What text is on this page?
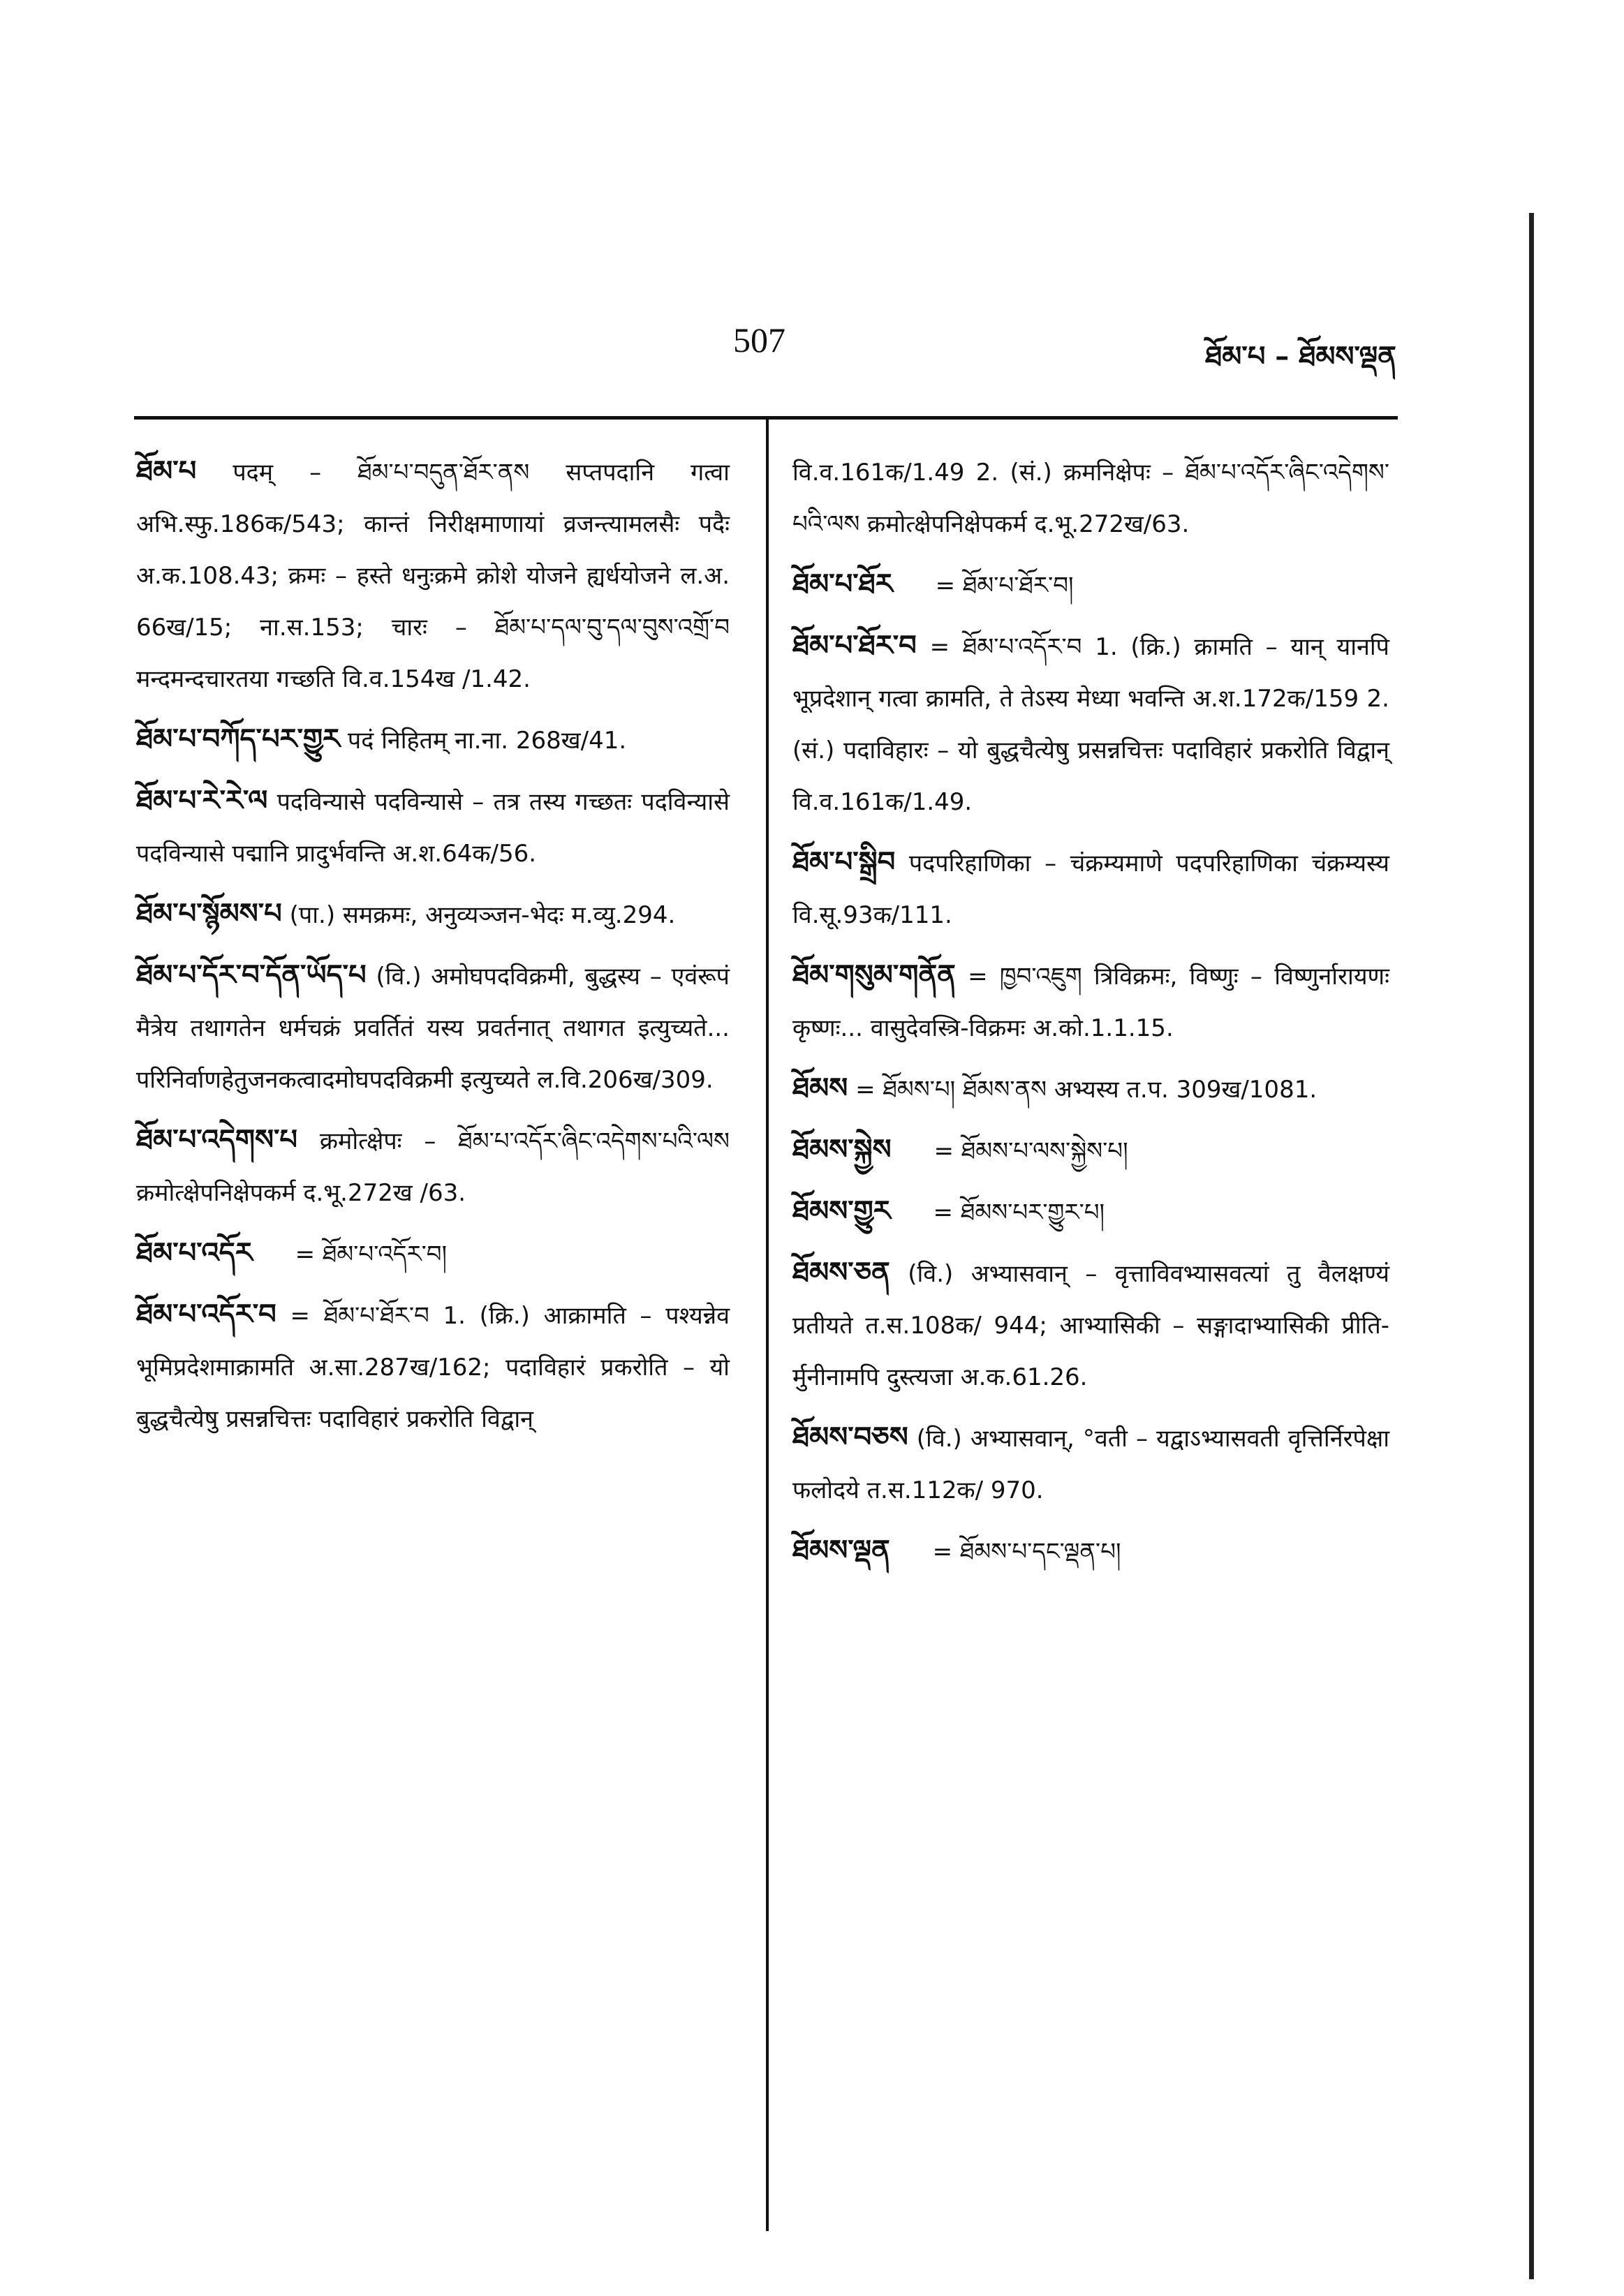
507	ཐོམ་པ – ཐོམས་ལྡན
ཐོམ་པ पदम् – ཐོམ་པ་བདུན་ཐོར་ནས सप्तपदानि गत्वा अभि.स्फु.186क/543; कान्तं निरीक्षमाणायां व्रजन्त्यामलसैः पदैः अ.क.108.43; क्रमः – हस्ते धनुःक्रमे क्रोशे योजने ह्यर्धयोजने ल.अ. 66ख/15; ना.स.153; चारः – ཐོམ་པ་དལ་བུ་དལ་བུས་འགྲོ་བ मन्दमन्दचारतया गच्छति वि.व.154ख /1.42.
ཐོམ་པ་བཀོད་པར་གྱུར पदं निहितम् ना.ना. 268ख/41.
ཐོམ་པ་རེ་རེ་ལ पदविन्यासे पदविन्यासे – तत्र तस्य गच्छतः पदविन्यासे पदविन्यासे पद्मानि प्रादुर्भवन्ति अ.श.64क/56.
ཐོམ་པ་སྙོམས་པ (पा.) समक्रमः, अनुव्यञ्जन-भेदः म.व्यु.294.
ཐོམ་པ་དོར་བ་དོན་ཡོད་པ (वि.) अमोघपदविक्रमी, बुद्धस्य – एवंरूपं मैत्रेय तथागतेन धर्मचक्रं प्रवर्तितं यस्य प्रवर्तनात् तथागत इत्युच्यते... परिनिर्वाणहेतुजनकत्वादमोघपदविक्रमी इत्युच्यते ल.वि.206ख/309.
ཐོམ་པ་འདེགས་པ क्रमोत्क्षेपः – ཐོམ་པ་འདོར་ཞིང་འདེགས་པའི་ལས क्रमोत्क्षेपनिक्षेपकर्म द.भू.272ख /63.
ཐོམ་པ་འདོར = ཐོམ་པ་འདོར་བ།
ཐོམ་པ་འདོར་བ = ཐོམ་པ་ཐོར་བ 1. (क्रि.) आक्रामति – पश्यन्नेव भूमिप्रदेशमाक्रामति अ.सा.287ख/162; पदाविहारं प्रकरोति – यो बुद्धचैत्येषु प्रसन्नचित्तः पदाविहारं प्रकरोति विद्वान्
वि.व.161क/1.49 2. (सं.) क्रमनिक्षेपः – ཐོམ་པ་འདོར་ཞིང་འདེགས་པའི་ལས क्रमोत्क्षेपनिक्षेपकर्म द.भू.272ख/63.
ཐོམ་པ་ཐོར = ཐོམ་པ་ཐོར་བ།
ཐོམ་པ་ཐོར་བ = ཐོམ་པ་འདོར་བ 1. (क्रि.) क्रामति – यान् यानपि भूप्रदेशान् गत्वा क्रामति, ते तेऽस्य मेध्या भवन्ति अ.श.172क/159 2. (सं.) पदाविहारः – यो बुद्धचैत्येषु प्रसन्नचित्तः पदाविहारं प्रकरोति विद्वान् वि.व.161क/1.49.
ཐོམ་པ་སྒྲིབ पदपरिहाणिका – चंक्रम्यमाणे पदपरिहाणिका चंक्रम्यस्य वि.सू.93क/111.
ཐོམ་གསུམ་གནོན = ཁྱབ་འཇུག त्रिविक्रमः, विष्णुः – विष्णुर्नारायणः कृष्णः... वासुदेवस्त्रि-विक्रमः अ.को.1.1.15.
ཐོམས = ཐོམས་པ། ཐོམས་ནས अभ्यस्य त.प. 309ख/1081.
ཐོམས་སྐྱེས = ཐོམས་པ་ལས་སྐྱེས་པ།
ཐོམས་གྱུར = ཐོམས་པར་གྱུར་པ།
ཐོམས་ཅན (वि.) अभ्यासवान् – वृत्ताविवभ्यासवत्यां तु वैलक्षण्यं प्रतीयते त.स.108क/ 944; आभ्यासिकी – सङ्गादाभ्यासिकी प्रीति-र्मुनीनामपि दुस्त्यजा अ.क.61.26.
ཐོམས་བཅས (वि.) अभ्यासवान्, °वती – यद्वाऽभ्यासवती वृत्तिर्निरपेक्षा फलोदये त.स.112क/ 970.
ཐོམས་ལྡན = ཐོམས་པ་དང་ལྡན་པ།
